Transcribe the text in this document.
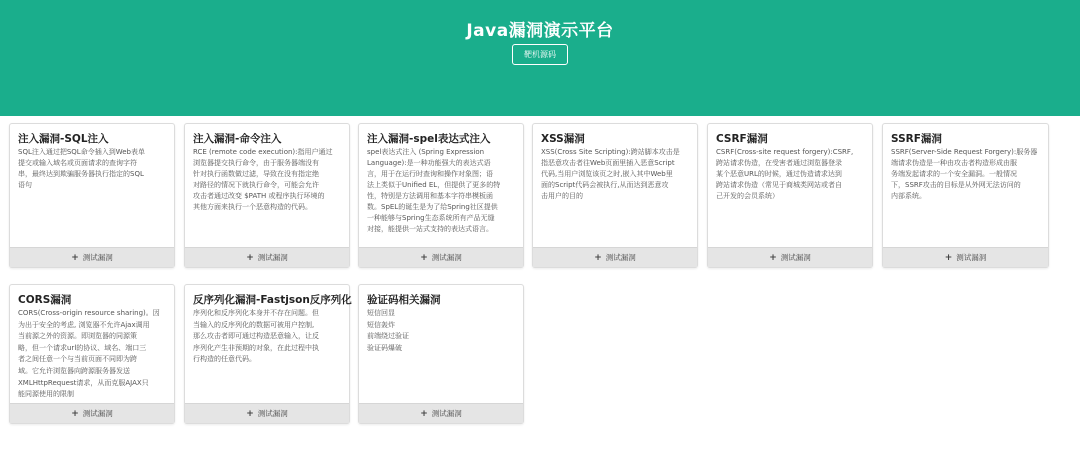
Java漏洞演示平台
靶机源码
注入漏洞-SQL注入
SQL注入通过把SQL命令插入到Web表单
提交或输入域名或页面请求的查询字符
串，最终达到欺骗服务器执行指定的SQL
语句
+ 测试漏洞
注入漏洞-命令注入
RCE (remote code execution):指用户通过
浏览器提交执行命令，由于服务器端没有
针对执行函数做过滤，导致在没有指定绝
对路径的情况下就执行命令，可能会允许
攻击者通过改变 $PATH 或程序执行环境的
其他方面来执行一个恶意构造的代码。
+ 测试漏洞
注入漏洞-spel表达式注入
spel表达式注入 (Spring Expression
Language):是一种功能强大的表达式语
言，用于在运行时查询和操作对象图；语
法上类似于Unified EL，但提供了更多的特
性，特别是方法调用和基本字符串模板函
数。SpEL的诞生是为了给Spring社区提供
一种能够与Spring生态系统所有产品无缝
对接，能提供一站式支持的表达式语言。
+ 测试漏洞
XSS漏洞
XSS(Cross Site Scripting):跨站脚本攻击是
指恶意攻击者往Web页面里插入恶意Script
代码,当用户浏览该页之时,嵌入其中Web里
面的Script代码会被执行,从而达到恶意攻
击用户的目的
+ 测试漏洞
CSRF漏洞
CSRF(Cross-site request forgery):CSRF,
跨站请求伪造，在受害者通过浏览器登录
某个恶意URL的时候，通过伪造请求达到
跨站请求伪造（常见于商城类网站或者自
己开发的会员系统）
+ 测试漏洞
SSRF漏洞
SSRF(Server-Side Request Forgery):服务器
端请求伪造是一种由攻击者构造形成由服
务端发起请求的一个安全漏洞。一般情况
下，SSRF攻击的目标是从外网无法访问的
内部系统。
+ 测试漏洞
CORS漏洞
CORS(Cross-origin resource sharing)。因
为出于安全的考虑, 浏览器不允许Ajax调用
当前源之外的资源。即浏览器的同源策
略，但一个请求url的协议、域名、端口三
者之间任意一个与当前页面不同即为跨
域。它允许浏览器向跨源服务器发送
XMLHttpRequest请求，从而克服AJAX只
能同源使用的限制
+ 测试漏洞
反序列化漏洞-Fastjson反序列化
序列化和反序列化本身并不存在问题。但
当输入的反序列化的数据可被用户控制,
那么攻击者即可通过构造恶意输入，让反
序列化产生非预期的对象，在此过程中执
行构造的任意代码。
+ 测试漏洞
验证码相关漏洞
短信回显
短信轰炸
前端绕过验证
验证码爆破
+ 测试漏洞
